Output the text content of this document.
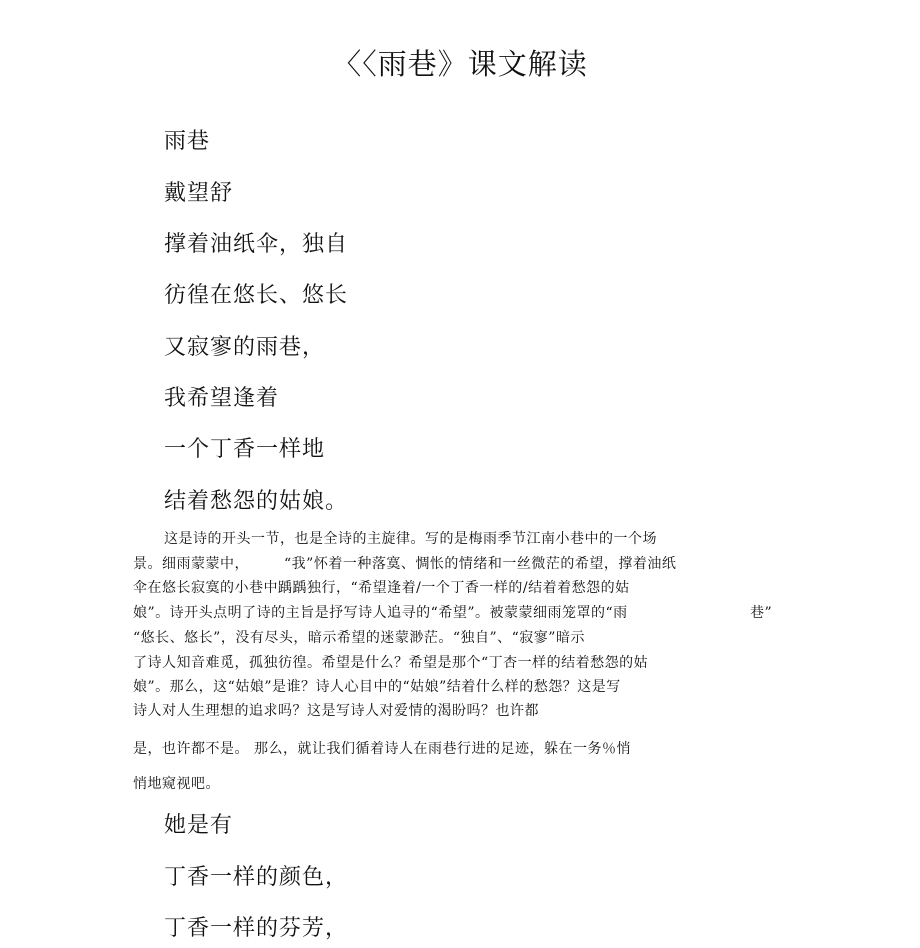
〈〈雨巷》课文解读
雨巷
戴望舒
撑着油纸伞，独自
彷徨在悠长、悠长
又寂寥的雨巷，
我希望逢着
一个丁香一样地
结着愁怨的姑娘。
这是诗的开头一节，也是全诗的主旋律。写的是梅雨季节江南小巷中的一个场
景。细雨蒙蒙中，	“我”怀着一种落寞、惆怅的情绪和一丝微茫的希望，撑着油纸
伞在悠长寂寞的小巷中踽踽独行，“希望逢着/一个丁香一样的/结着着愁怨的姑
娘”。诗开头点明了诗的主旨是抒写诗人追寻的“希望”。被蒙蒙细雨笼罩的“雨	巷”
“悠长、悠长”，没有尽头，暗示希望的迷蒙渺茫。“独自”、“寂寥”暗示
了诗人知音难觅，孤独彷徨。希望是什么？希望是那个“丁杏一样的结着愁怨的姑
娘”。那么，这“姑娘”是谁？诗人心目中的“姑娘”结着什么样的愁怨？这是写
诗人对人生理想的追求吗？这是写诗人对爱情的渴盼吗？也许都
是，也许都不是。 那么，就让我们循着诗人在雨巷行进的足迹，躲在一务％悄
悄地窥视吧。
她是有
丁香一样的颜色，
丁香一样的芬芳，
